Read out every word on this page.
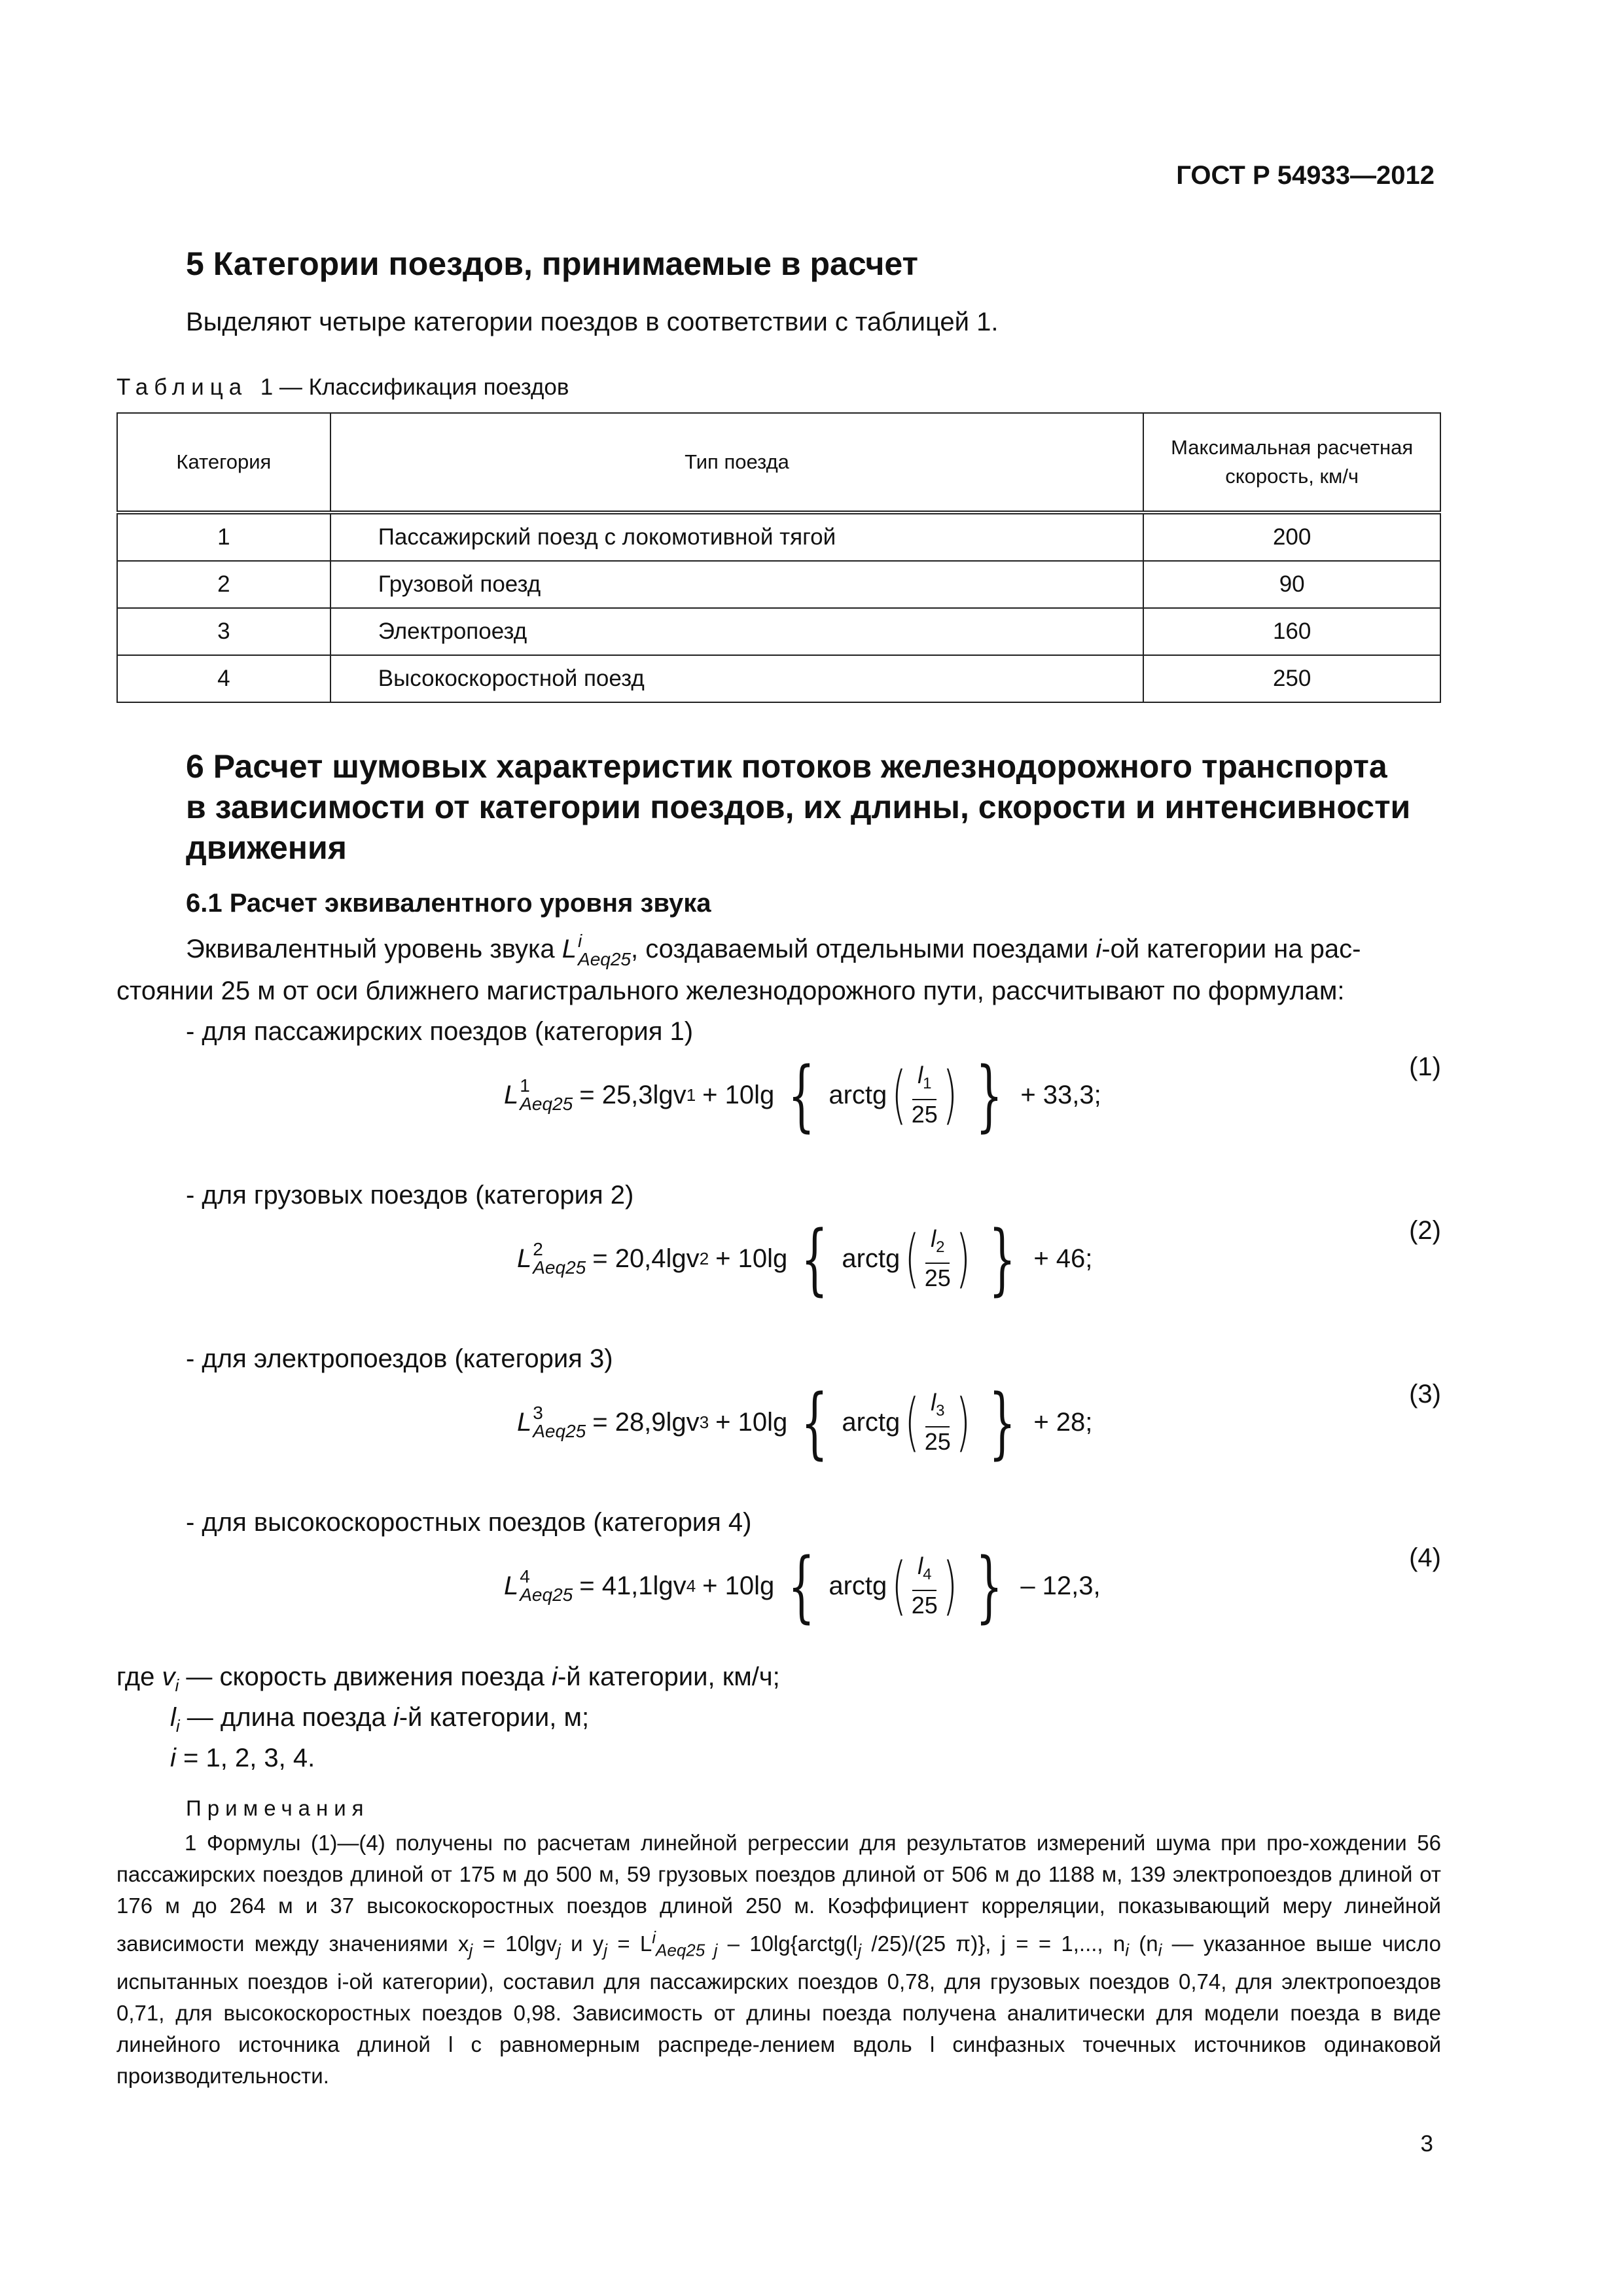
ГОСТ Р 54933—2012
5 Категории поездов, принимаемые в расчет
Выделяют четыре категории поездов в соответствии с таблицей 1.
Таблица 1 — Классификация поездов
Категория	Тип поезда	Максимальная расчетная скорость, км/ч
1	Пассажирский поезд с локомотивной тягой	200
2	Грузовой поезд	90
3	Электропоезд	160
4	Высокоскоростной поезд	250
6 Расчет шумовых характеристик потоков железнодорожного транспорта
в зависимости от категории поездов, их длины, скорости и интенсивности
движения
6.1 Расчет эквивалентного уровня звука
Эквивалентный уровень звука L i
Aeq25 , создаваемый отдельными поездами i-ой категории на рас-
стоянии 25 м от оси ближнего магистрального железнодорожного пути, рассчитывают по формулам:
- для пассажирских поездов (категория 1)
L 1
Aeq25 = 25,3lgv 1 + 10lg { arctg ( $\frac{l_1}{25}$ ) } + 33,3;
(1)
- для грузовых поездов (категория 2)
L 2
Aeq25 = 20,4lgv 2 + 10lg { arctg ( $\frac{l_2}{25}$ ) } + 46;
(2)
- для электропоездов (категория 3)
L 3
Aeq25 = 28,9lgv 3 + 10lg { arctg ( $\frac{l_3}{25}$ ) } + 28;
(3)
- для высокоскоростных поездов (категория 4)
L 4
Aeq25 = 41,1lgv 4 + 10lg { arctg ( $\frac{l_4}{25}$ ) } – 12,3,
(4)
где $v_i$ — скорость движения поезда i-й категории, км/ч;
$l_i$ — длина поезда i-й категории, м;
i = 1, 2, 3, 4.
Примечания
1 Формулы (1)—(4) получены по расчетам линейной регрессии для результатов измерений шума при про-хождении 56 пассажирских поездов длиной от 175 м до 500 м, 59 грузовых поездов длиной от 506 м до 1188 м, 139 электропоездов длиной от 176 м до 264 м и 37 высокоскоростных поездов длиной 250 м. Коэффициент корреляции, показывающий меру линейной зависимости между значениями $x_j = 10\lg v_j$ и $y_j = L^i_{Aeq25 j}$ – $10\lg\{arctg(l_j$ /25)/(25 π)}, j = = 1,..., $n_i$ ($n_i$ — указанное выше число испытанных поездов i-ой категории), составил для пассажирских поездов 0,78, для грузовых поездов 0,74, для электропоездов 0,71, для высокоскоростных поездов 0,98. Зависимость от длины поезда получена аналитически для модели поезда в виде линейного источника длиной l с равномерным распреде-лением вдоль l синфазных точечных источников одинаковой производительности.
3
